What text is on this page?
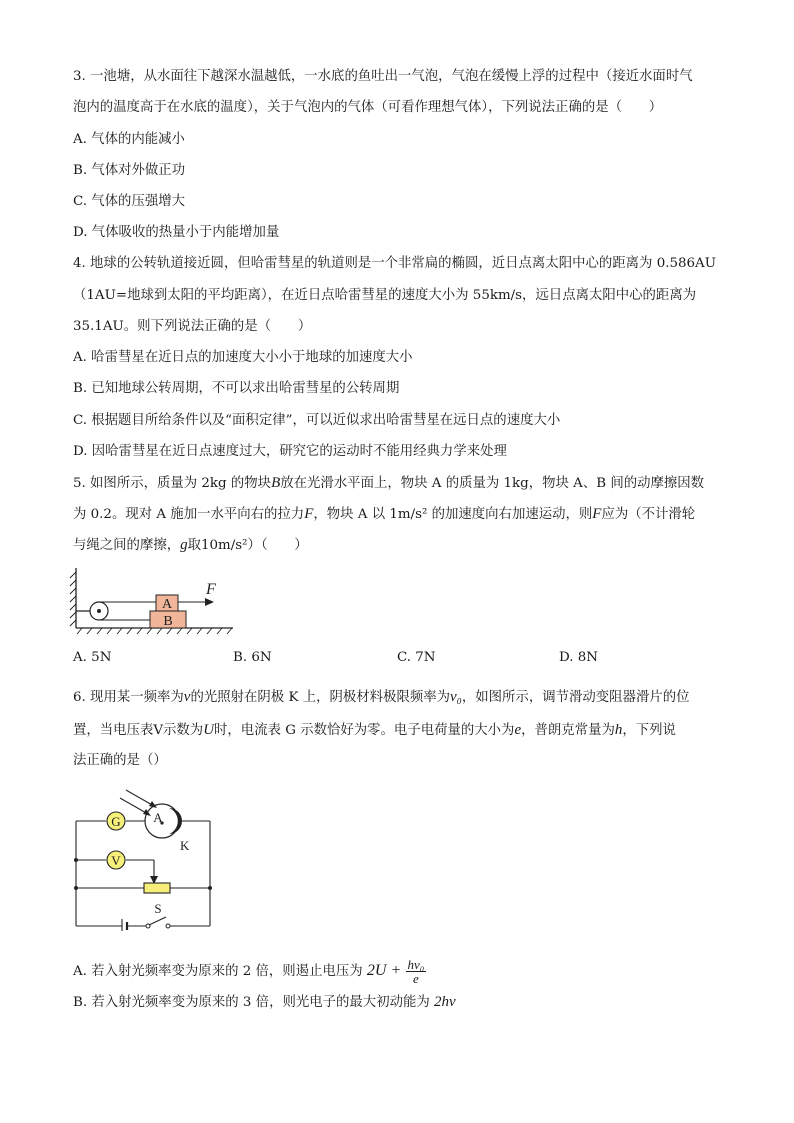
3. 一池塘，从水面往下越深水温越低，一水底的鱼吐出一气泡，气泡在缓慢上浮的过程中（接近水面时气
泡内的温度高于在水底的温度），关于气泡内的气体（可看作理想气体），下列说法正确的是（　　）
A. 气体的内能减小
B. 气体对外做正功
C. 气体的压强增大
D. 气体吸收的热量小于内能增加量
4. 地球的公转轨道接近圆，但哈雷彗星的轨道则是一个非常扁的椭圆，近日点离太阳中心的距离为 0.586AU
（1AU=地球到太阳的平均距离），在近日点哈雷彗星的速度大小为 55km/s，远日点离太阳中心的距离为
35.1AU。则下列说法正确的是（　　）
A. 哈雷彗星在近日点的加速度大小小于地球的加速度大小
B. 已知地球公转周期，不可以求出哈雷彗星的公转周期
C. 根据题目所给条件以及“面积定律”，可以近似求出哈雷彗星在远日点的速度大小
D. 因哈雷彗星在近日点速度过大，研究它的运动时不能用经典力学来处理
5. 如图所示，质量为 2kg 的物块B放在光滑水平面上，物块 A 的质量为 1kg，物块 A、B 间的动摩擦因数
为 0.2。现对 A 施加一水平向右的拉力F，物块 A 以 1m/s² 的加速度向右加速运动，则F应为（不计滑轮
与绳之间的摩擦，g取10m/s²）（　　）
B
A
F
A. 5N	B. 6N	C. 7N	D. 8N
6. 现用某一频率为ν的光照射在阴极 K 上，阴极材料极限频率为ν₀，如图所示，调节滑动变阻器滑片的位
置，当电压表V示数为U时，电流表 G 示数恰好为零。电子电荷量的大小为e，普朗克常量为h，下列说
法正确的是（）
G	A
K
V
S
A. 若入射光频率变为原来的 2 倍，则遏止电压为 $2U + \frac{\text{hν₀}}{e}$
B. 若入射光频率变为原来的 3 倍，则光电子的最大初动能为 2hν
